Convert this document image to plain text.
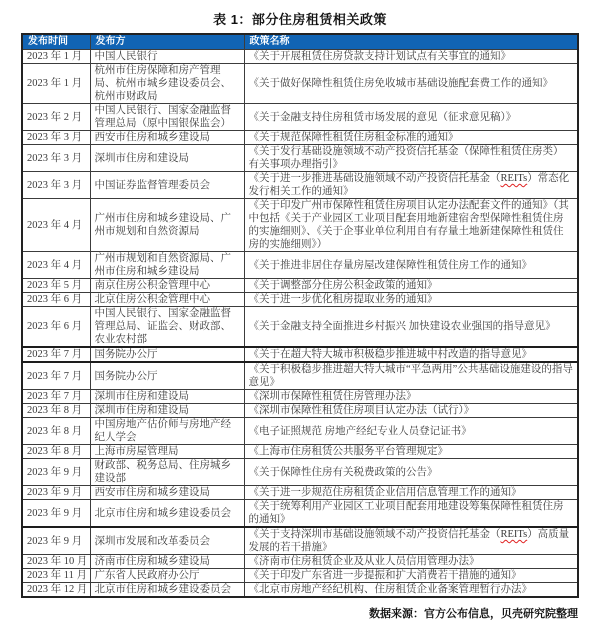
表 1：部分住房租赁相关政策
发布时间	发布方	政策名称
2023 年 1 月	中国人民银行	《关于开展租赁住房贷款支持计划试点有关事宜的通知》
2023 年 1 月	杭州市住房保障和房产管理局、杭州市城乡建设委员会、杭州市财政局	《关于做好保障性租赁住房免收城市基础设施配套费工作的通知》
2023 年 2 月	中国人民银行、国家金融监督管理总局（原中国银保监会）	《关于金融支持住房租赁市场发展的意见（征求意见稿）》
2023 年 3 月	西安市住房和城乡建设局	《关于规范保障性租赁住房租金标准的通知》
2023 年 3 月	深圳市住房和建设局	《关于发行基础设施领域不动产投资信托基金（保障性租赁住房类）有关事项办理指引》
2023 年 3 月	中国证券监督管理委员会	《关于进一步推进基础设施领域不动产投资信托基金（REITs）常态化发行相关工作的通知》
2023 年 4 月	广州市住房和城乡建设局、广州市规划和自然资源局	《关于印发广州市保障性租赁住房项目认定办法配套文件的通知》（其中包括《关于产业园区工业项目配套用地新建宿舍型保障性租赁住房的实施细则》、《关于企事业单位利用自有存量土地新建保障性租赁住房的实施细则》）
2023 年 4 月	广州市规划和自然资源局、广州市住房和城乡建设局	《关于推进非居住存量房屋改建保障性租赁住房工作的通知》
2023 年 5 月	南京住房公积金管理中心	《关于调整部分住房公积金政策的通知》
2023 年 6 月	北京住房公积金管理中心	《关于进一步优化租房提取业务的通知》
2023 年 6 月	中国人民银行、国家金融监督管理总局、证监会、财政部、农业农村部	《关于金融支持全面推进乡村振兴 加快建设农业强国的指导意见》
2023 年 7 月	国务院办公厅	《关于在超大特大城市积极稳步推进城中村改造的指导意见》
2023 年 7 月	国务院办公厅	《关于积极稳步推进超大特大城市“平急两用”公共基础设施建设的指导意见》
2023 年 7 月	深圳市住房和建设局	《深圳市保障性租赁住房管理办法》
2023 年 8 月	深圳市住房和建设局	《深圳市保障性租赁住房项目认定办法（试行）》
2023 年 8 月	中国房地产估价师与房地产经纪人学会	《电子证照规范 房地产经纪专业人员登记证书》
2023 年 8 月	上海市房屋管理局	《上海市住房租赁公共服务平台管理规定》
2023 年 9 月	财政部、税务总局、住房城乡建设部	《关于保障性住房有关税费政策的公告》
2023 年 9 月	西安市住房和城乡建设局	《关于进一步规范住房租赁企业信用信息管理工作的通知》
2023 年 9 月	北京市住房和城乡建设委员会	《关于统筹利用产业园区工业项目配套用地建设筹集保障性租赁住房的通知》
2023 年 9 月	深圳市发展和改革委员会	《关于支持深圳市基础设施领域不动产投资信托基金（REITs）高质量发展的若干措施》
2023 年 10 月	济南市住房和城乡建设局	《济南市住房租赁企业及从业人员信用管理办法》
2023 年 11 月	广东省人民政府办公厅	《关于印发广东省进一步提振和扩大消费若干措施的通知》
2023 年 12 月	北京市住房和城乡建设委员会	《北京市房地产经纪机构、住房租赁企业备案管理暂行办法》
数据来源：官方公布信息，贝壳研究院整理
